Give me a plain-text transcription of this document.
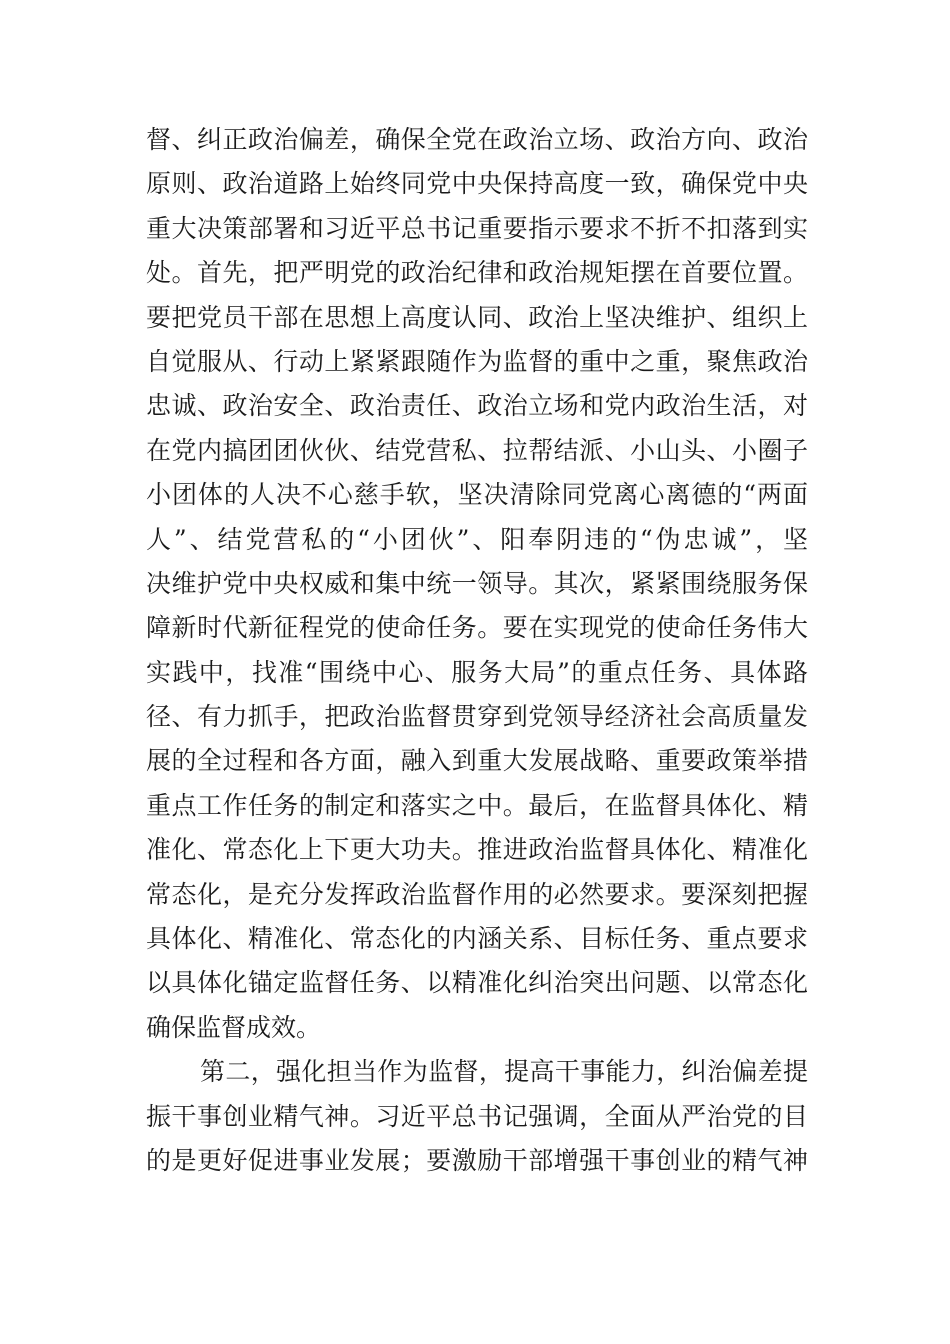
督、纠正政治偏差，确保全党在政治立场、政治方向、政治
原则、政治道路上始终同党中央保持高度一致，确保党中央
重大决策部署和习近平总书记重要指示要求不折不扣落到实
处。首先，把严明党的政治纪律和政治规矩摆在首要位置。
要把党员干部在思想上高度认同、政治上坚决维护、组织上
自觉服从、行动上紧紧跟随作为监督的重中之重，聚焦政治
忠诚、政治安全、政治责任、政治立场和党内政治生活，对
在党内搞团团伙伙、结党营私、拉帮结派、小山头、小圈子
小团体的人决不心慈手软，坚决清除同党离心离德的“两面
人”、结党营私的“小团伙”、阳奉阴违的“伪忠诚”，坚
决维护党中央权威和集中统一领导。其次，紧紧围绕服务保
障新时代新征程党的使命任务。要在实现党的使命任务伟大
实践中，找准“围绕中心、服务大局”的重点任务、具体路
径、有力抓手，把政治监督贯穿到党领导经济社会高质量发
展的全过程和各方面，融入到重大发展战略、重要政策举措
重点工作任务的制定和落实之中。最后，在监督具体化、精
准化、常态化上下更大功夫。推进政治监督具体化、精准化
常态化，是充分发挥政治监督作用的必然要求。要深刻把握
具体化、精准化、常态化的内涵关系、目标任务、重点要求
以具体化锚定监督任务、以精准化纠治突出问题、以常态化
确保监督成效。
第二，强化担当作为监督，提高干事能力，纠治偏差提
振干事创业精气神。习近平总书记强调，全面从严治党的目
的是更好促进事业发展；要激励干部增强干事创业的精气神
